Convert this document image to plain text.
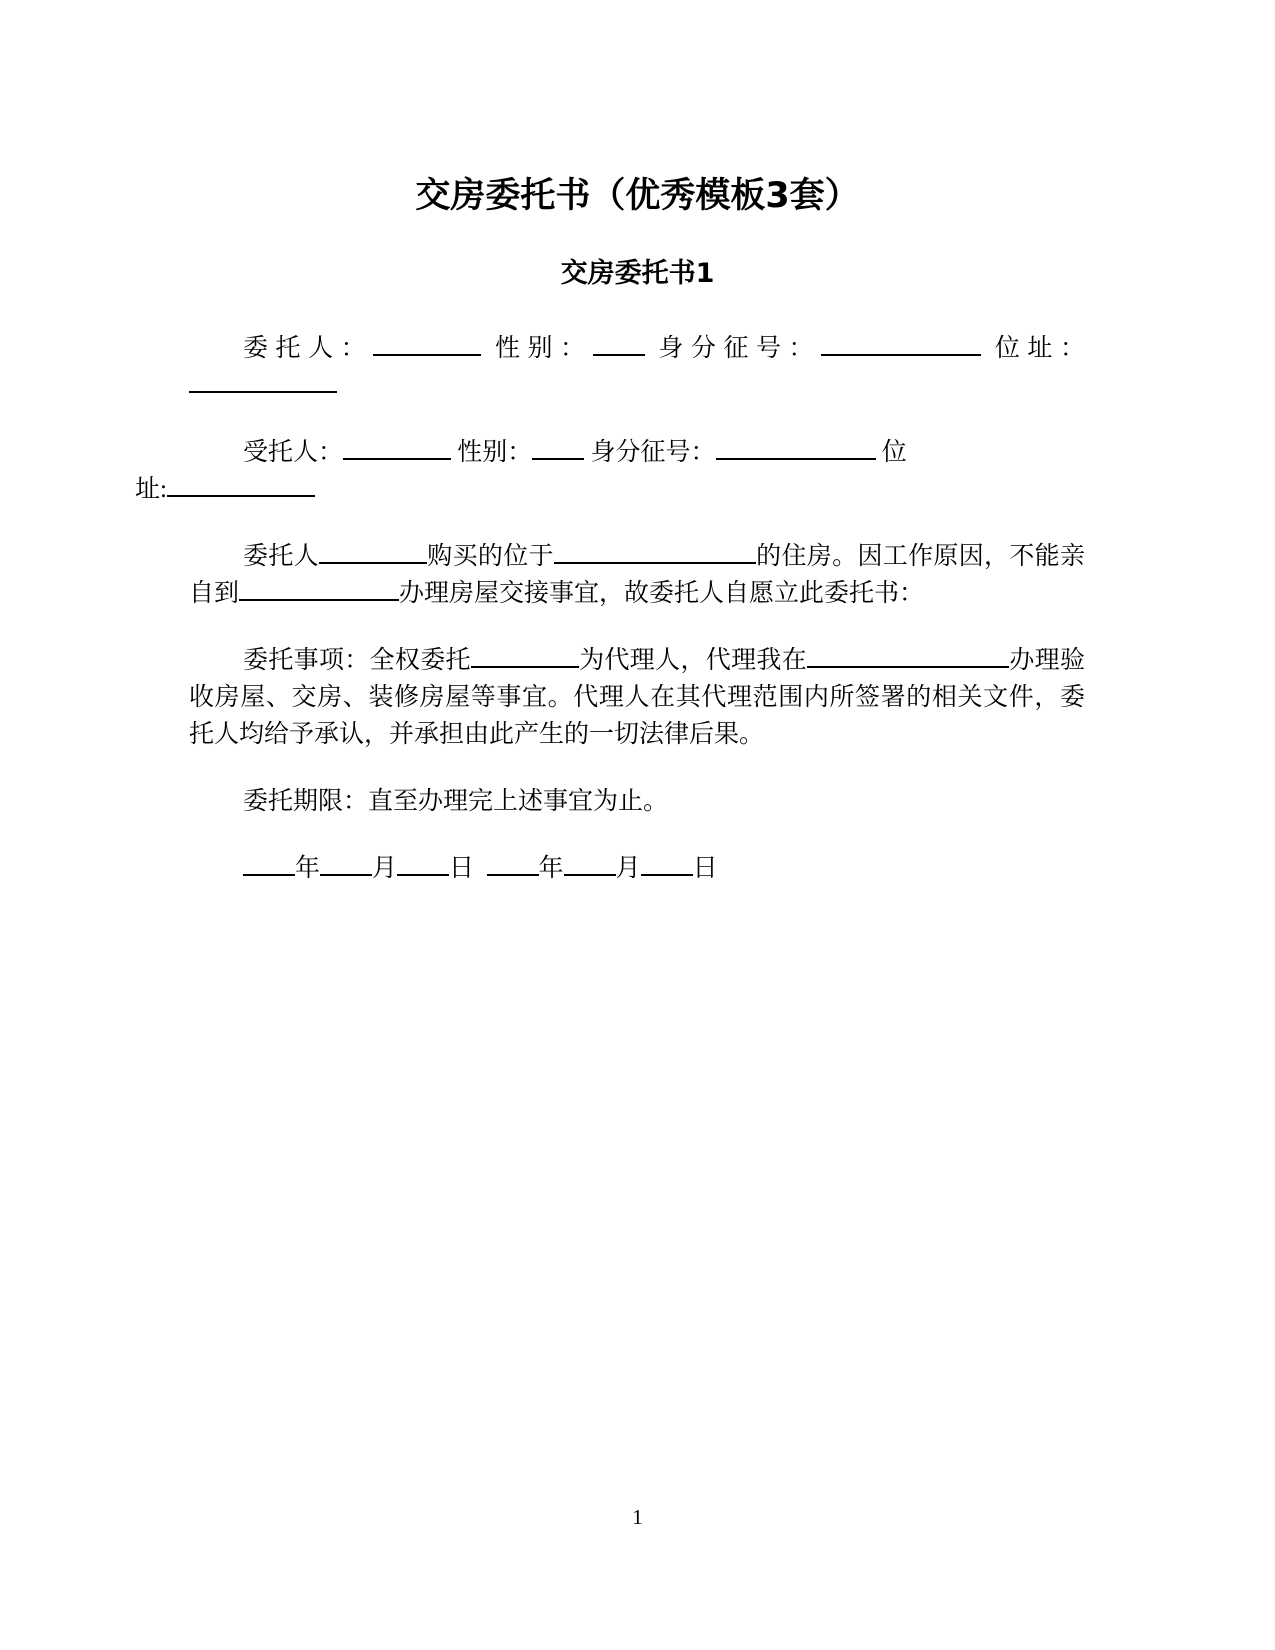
交房委托书（优秀模板3套）
交房委托书1

委托人：	性别：	身分征号：	位址：

受托人：	性别： 身分征号：	位
址:

委托人	购买的位于	的住房。因工作原因，不能亲自到	办理房屋交接事宜，故委托人自愿立此委托书：

委托事项：全权委托	为代理人，代理我在	办理验收房屋、交房、装修房屋等事宜。代理人在其代理范围内所签署的相关文件，委托人均给予承认，并承担由此产生的一切法律后果。

委托期限：直至办理完上述事宜为止。

年 月 日	年 月 日

1
